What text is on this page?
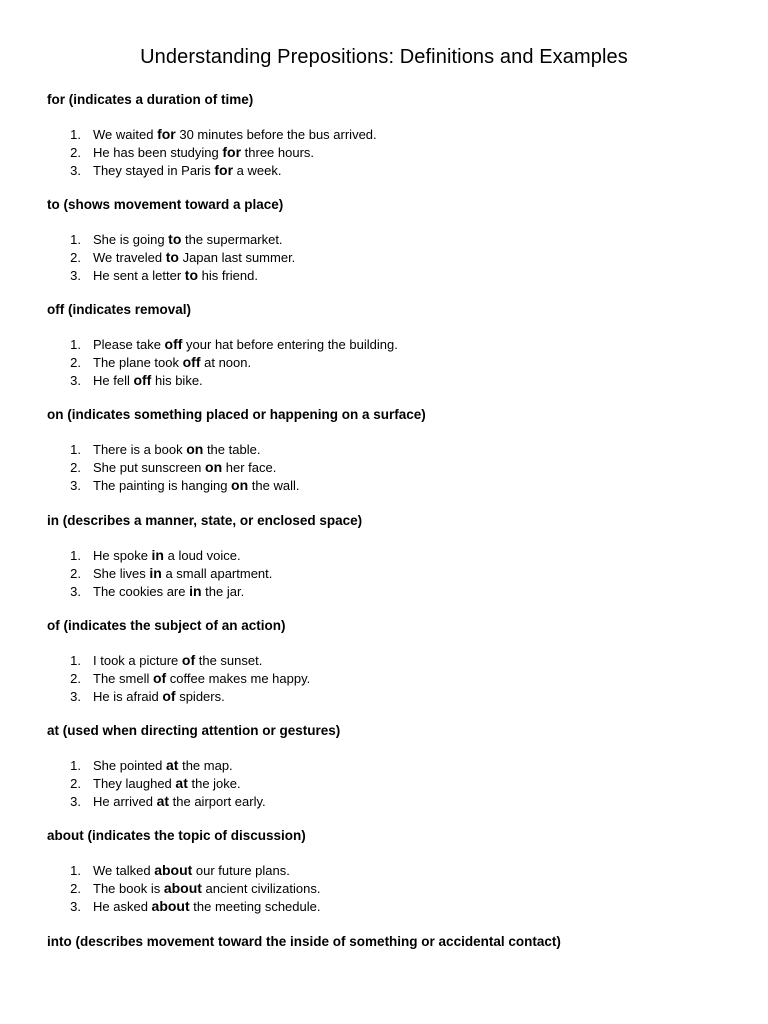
Understanding Prepositions: Definitions and Examples
for (indicates a duration of time)
1. We waited for 30 minutes before the bus arrived.
2. He has been studying for three hours.
3. They stayed in Paris for a week.
to (shows movement toward a place)
1. She is going to the supermarket.
2. We traveled to Japan last summer.
3. He sent a letter to his friend.
off (indicates removal)
1. Please take off your hat before entering the building.
2. The plane took off at noon.
3. He fell off his bike.
on (indicates something placed or happening on a surface)
1. There is a book on the table.
2. She put sunscreen on her face.
3. The painting is hanging on the wall.
in (describes a manner, state, or enclosed space)
1. He spoke in a loud voice.
2. She lives in a small apartment.
3. The cookies are in the jar.
of (indicates the subject of an action)
1. I took a picture of the sunset.
2. The smell of coffee makes me happy.
3. He is afraid of spiders.
at (used when directing attention or gestures)
1. She pointed at the map.
2. They laughed at the joke.
3. He arrived at the airport early.
about (indicates the topic of discussion)
1. We talked about our future plans.
2. The book is about ancient civilizations.
3. He asked about the meeting schedule.
into (describes movement toward the inside of something or accidental contact)
